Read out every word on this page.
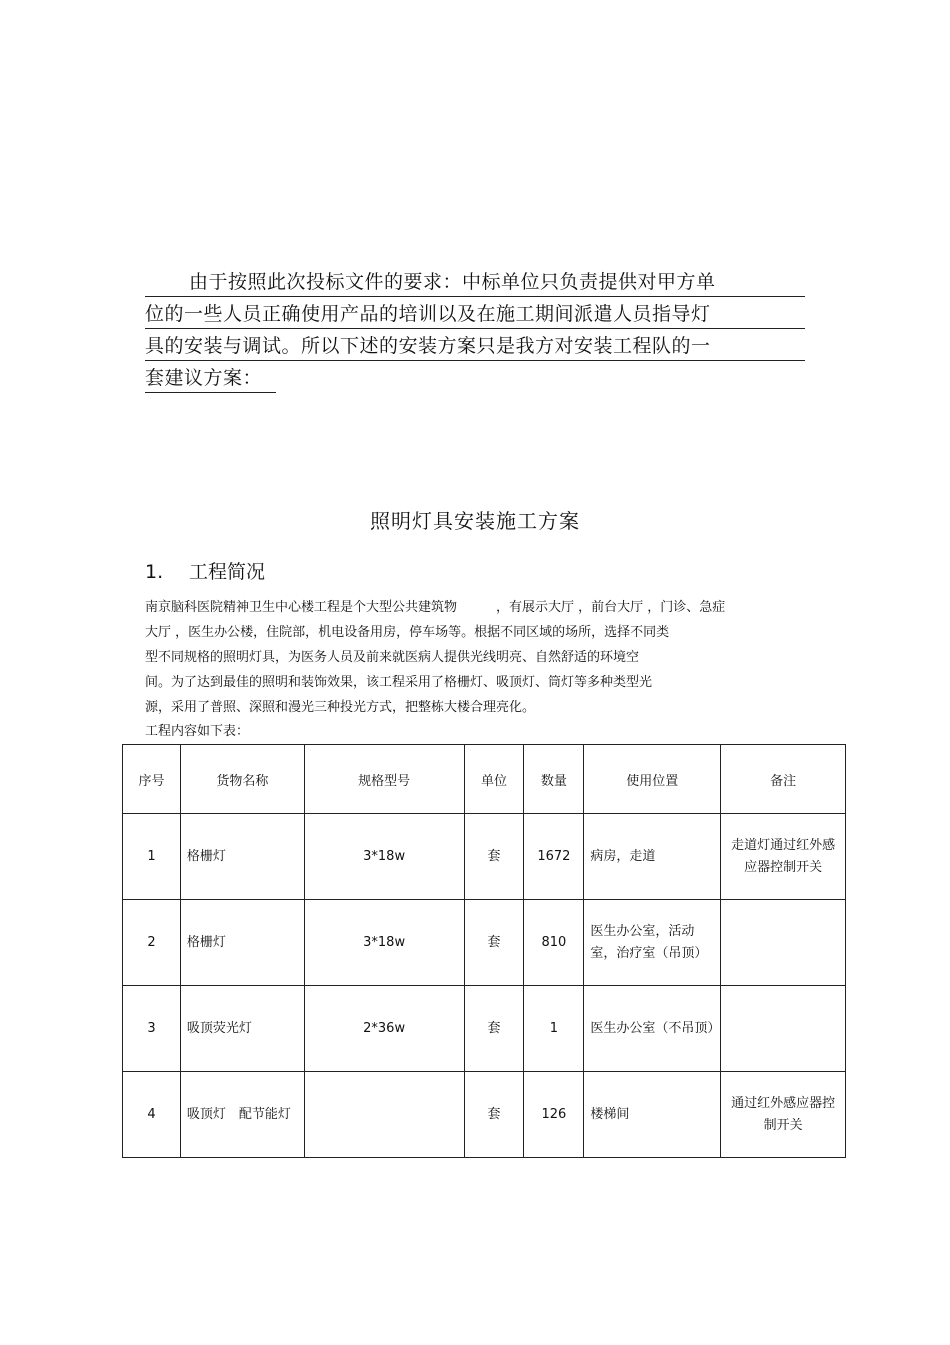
由于按照此次投标文件的要求：中标单位只负责提供对甲方单
位的一些人员正确使用产品的培训以及在施工期间派遣人员指导灯
具的安装与调试。所以下述的安装方案只是我方对安装工程队的一
套建议方案：
照明灯具安装施工方案
1. 工程简况
南京脑科医院精神卫生中心楼工程是个大型公共建筑物　　　，有展示大厅 ，前台大厅 ，门诊、急症
大厅 ，医生办公楼，住院部，机电设备用房，停车场等。根据不同区域的场所，选择不同类
型不同规格的照明灯具，为医务人员及前来就医病人提供光线明亮、自然舒适的环境空
间。为了达到最佳的照明和装饰效果，该工程采用了格栅灯、吸顶灯、筒灯等多种类型光
源，采用了普照、深照和漫光三种投光方式，把整栋大楼合理亮化。
工程内容如下表：
序号	货物名称	规格型号	单位	数量	使用位置	备注
1	格栅灯	3*18w	套	1672	病房，走道	走道灯通过红外感应器控制开关
2	格栅灯	3*18w	套	810	医生办公室，活动室，治疗室（吊顶）	
3	吸顶荧光灯	2*36w	套	1	医生办公室（不吊顶）	
4	吸顶灯　配节能灯		套	126	楼梯间	通过红外感应器控制开关
